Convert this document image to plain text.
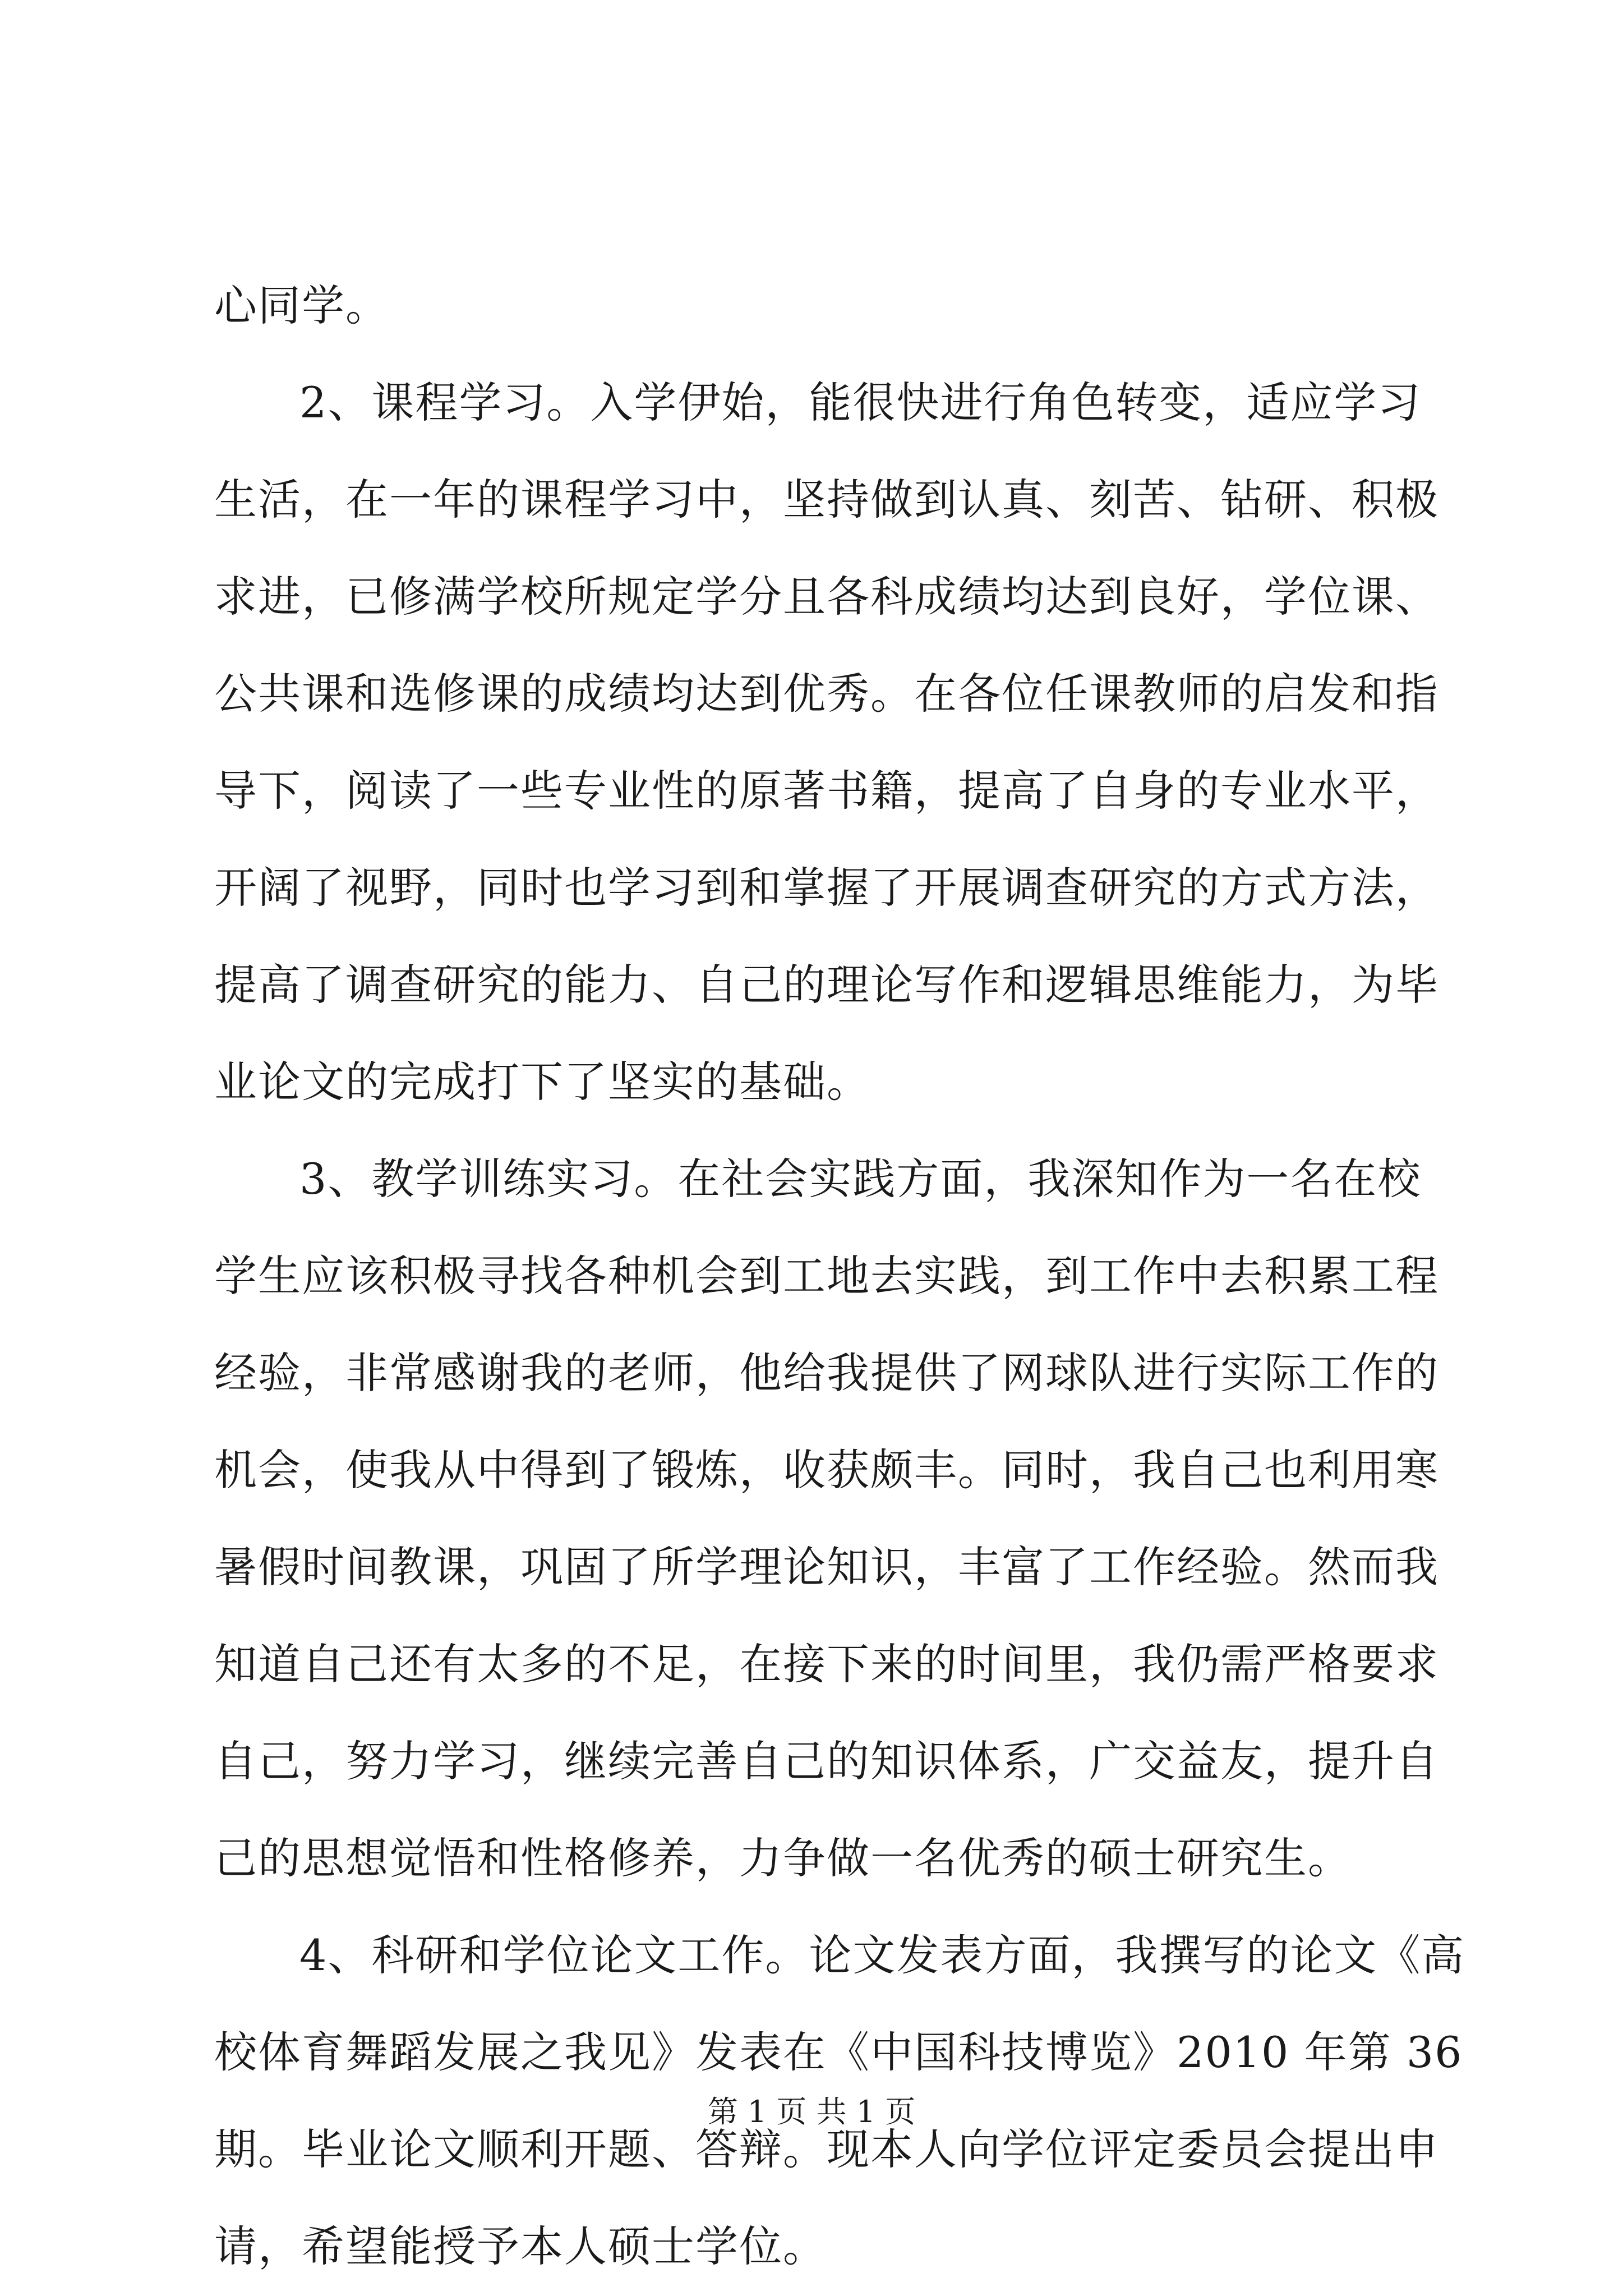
心同学。
2、课程学习。入学伊始，能很快进行角色转变，适应学习
生活，在一年的课程学习中，坚持做到认真、刻苦、钻研、积极
求进，已修满学校所规定学分且各科成绩均达到良好，学位课、
公共课和选修课的成绩均达到优秀。在各位任课教师的启发和指
导下，阅读了一些专业性的原著书籍，提高了自身的专业水平，
开阔了视野，同时也学习到和掌握了开展调查研究的方式方法，
提高了调查研究的能力、自己的理论写作和逻辑思维能力，为毕
业论文的完成打下了坚实的基础。
3、教学训练实习。在社会实践方面，我深知作为一名在校
学生应该积极寻找各种机会到工地去实践，到工作中去积累工程
经验，非常感谢我的老师，他给我提供了网球队进行实际工作的
机会，使我从中得到了锻炼，收获颇丰。同时，我自己也利用寒
暑假时间教课，巩固了所学理论知识，丰富了工作经验。然而我
知道自己还有太多的不足，在接下来的时间里，我仍需严格要求
自己，努力学习，继续完善自己的知识体系，广交益友，提升自
己的思想觉悟和性格修养，力争做一名优秀的硕士研究生。
4、科研和学位论文工作。论文发表方面，我撰写的论文《高
校体育舞蹈发展之我见》发表在《中国科技博览》2010 年第 36
期。毕业论文顺利开题、答辩。现本人向学位评定委员会提出申
请，希望能授予本人硕士学位。
第 1 页 共 1 页
